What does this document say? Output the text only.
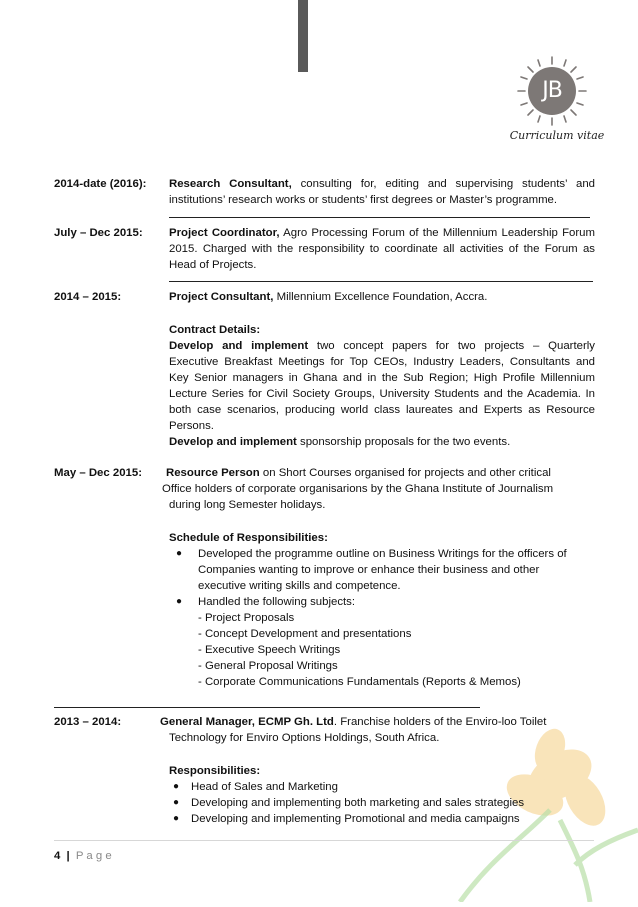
JB
Curriculum vitae
2014-date (2016): Research Consultant, consulting for, editing and supervising students’ and
institutions’ research works or students’ first degrees or Master’s programme.
July – Dec 2015: Project Coordinator, Agro Processing Forum of the Millennium Leadership Forum
2015. Charged with the responsibility to coordinate all activities of the Forum as
Head of Projects.
2014 – 2015:	Project Consultant, Millennium Excellence Foundation, Accra.
Contract Details:
Develop and implement two concept papers for two projects – Quarterly
Executive Breakfast Meetings for Top CEOs, Industry Leaders, Consultants and
Key Senior managers in Ghana and in the Sub Region; High Profile Millennium
Lecture Series for Civil Society Groups, University Students and the Academia. In
both case scenarios, producing world class laureates and Experts as Resource
Persons.
Develop and implement sponsorship proposals for the two events.
May – Dec 2015: Resource Person on Short Courses organised for projects and other critical
Office holders of corporate organisarions by the Ghana Institute of Journalism
during long Semester holidays.
Schedule of Responsibilities:
● Developed the programme outline on Business Writings for the officers of
Companies wanting to improve or enhance their business and other
executive writing skills and competence.
● Handled the following subjects:
- Project Proposals
- Concept Development and presentations
- Executive Speech Writings
- General Proposal Writings
- Corporate Communications Fundamentals (Reports & Memos)
2013 – 2014:	General Manager, ECMP Gh. Ltd. Franchise holders of the Enviro-loo Toilet
Technology for Enviro Options Holdings, South Africa.
Responsibilities:
● Head of Sales and Marketing
● Developing and implementing both marketing and sales strategies
● Developing and implementing Promotional and media campaigns
4 | P a g e
